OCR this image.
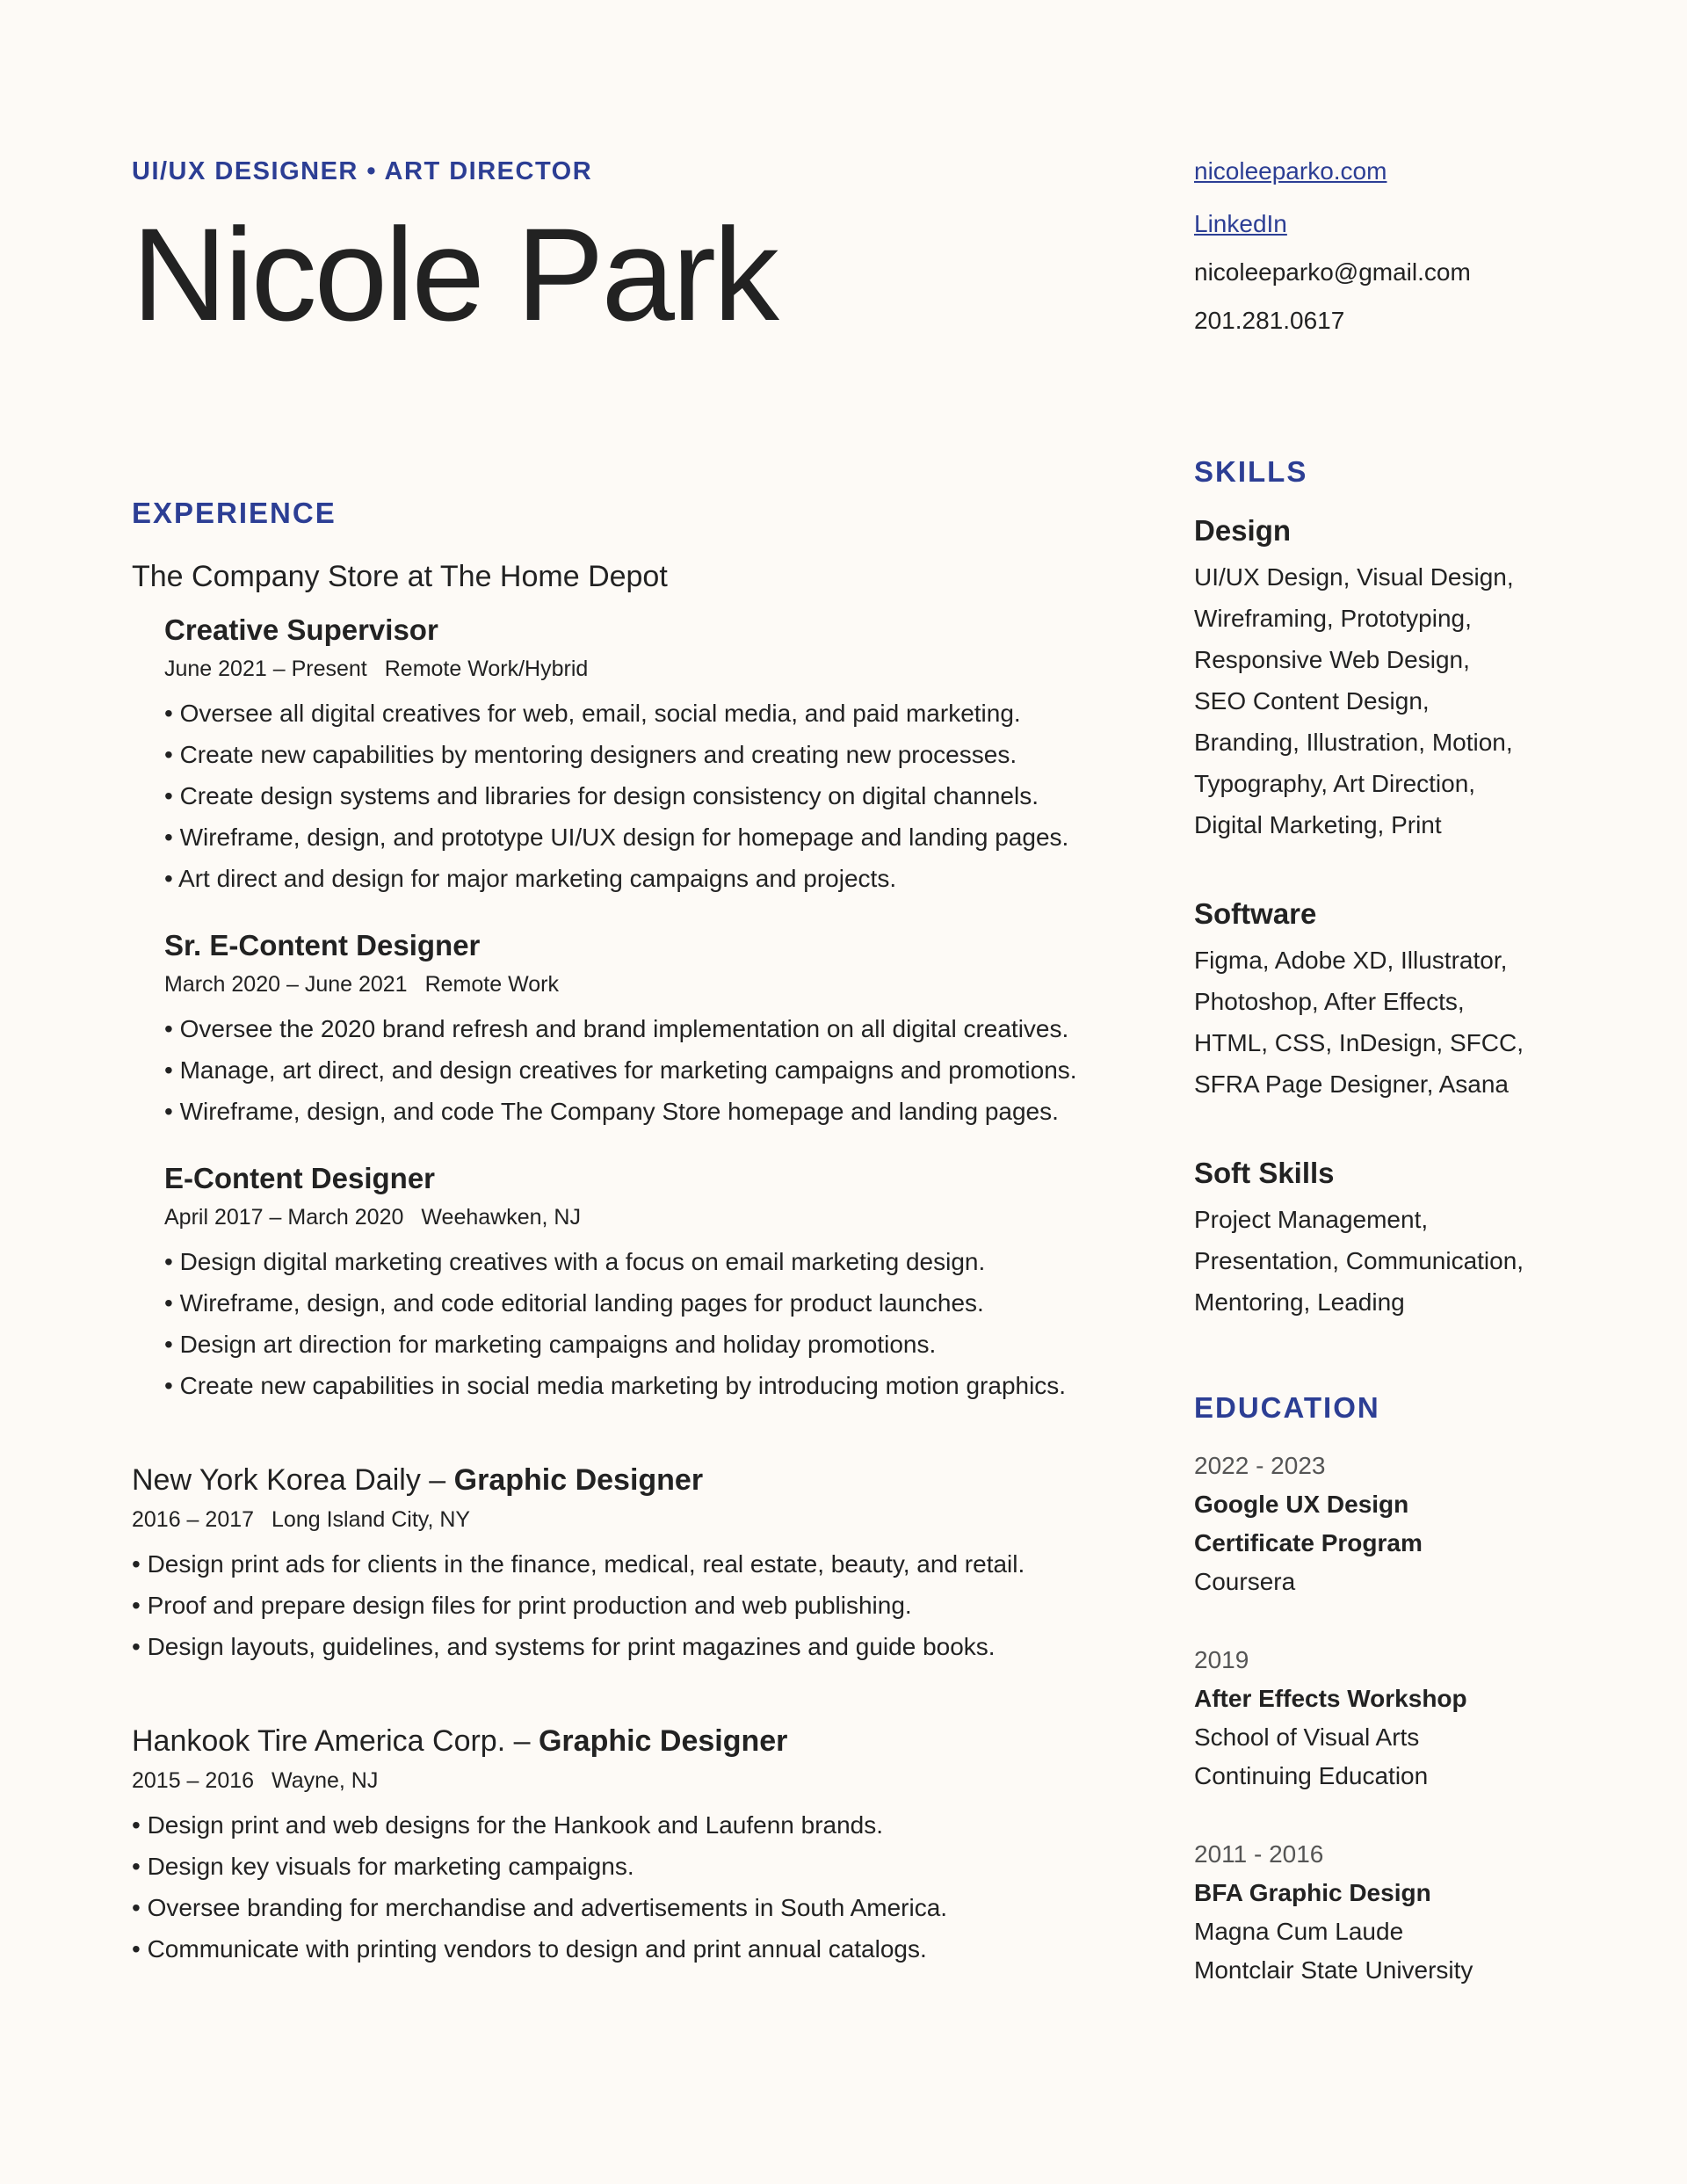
UI/UX DESIGNER • ART DIRECTOR
Nicole Park
EXPERIENCE
The Company Store at The Home Depot
Creative Supervisor
June 2021 – Present Remote Work/Hybrid
• Oversee all digital creatives for web, email, social media, and paid marketing.
• Create new capabilities by mentoring designers and creating new processes.
• Create design systems and libraries for design consistency on digital channels.
• Wireframe, design, and prototype UI/UX design for homepage and landing pages.
• Art direct and design for major marketing campaigns and projects.
Sr. E-Content Designer
March 2020 – June 2021 Remote Work
• Oversee the 2020 brand refresh and brand implementation on all digital creatives.
• Manage, art direct, and design creatives for marketing campaigns and promotions.
• Wireframe, design, and code The Company Store homepage and landing pages.
E-Content Designer
April 2017 – March 2020 Weehawken, NJ
• Design digital marketing creatives with a focus on email marketing design.
• Wireframe, design, and code editorial landing pages for product launches.
• Design art direction for marketing campaigns and holiday promotions.
• Create new capabilities in social media marketing by introducing motion graphics.
New York Korea Daily – Graphic Designer
2016 – 2017 Long Island City, NY
• Design print ads for clients in the finance, medical, real estate, beauty, and retail.
• Proof and prepare design files for print production and web publishing.
• Design layouts, guidelines, and systems for print magazines and guide books.
Hankook Tire America Corp. – Graphic Designer
2015 – 2016 Wayne, NJ
• Design print and web designs for the Hankook and Laufenn brands.
• Design key visuals for marketing campaigns.
• Oversee branding for merchandise and advertisements in South America.
• Communicate with printing vendors to design and print annual catalogs.
nicoleeparko.com
LinkedIn
nicoleeparko@gmail.com
201.281.0617
SKILLS
Design
UI/UX Design, Visual Design,
Wireframing, Prototyping,
Responsive Web Design,
SEO Content Design,
Branding, Illustration, Motion,
Typography, Art Direction,
Digital Marketing, Print
Software
Figma, Adobe XD, Illustrator,
Photoshop, After Effects,
HTML, CSS, InDesign, SFCC,
SFRA Page Designer, Asana
Soft Skills
Project Management,
Presentation, Communication,
Mentoring, Leading
EDUCATION
2022 - 2023
Google UX Design
Certificate Program
Coursera
2019
After Effects Workshop
School of Visual Arts
Continuing Education
2011 - 2016
BFA Graphic Design
Magna Cum Laude
Montclair State University
